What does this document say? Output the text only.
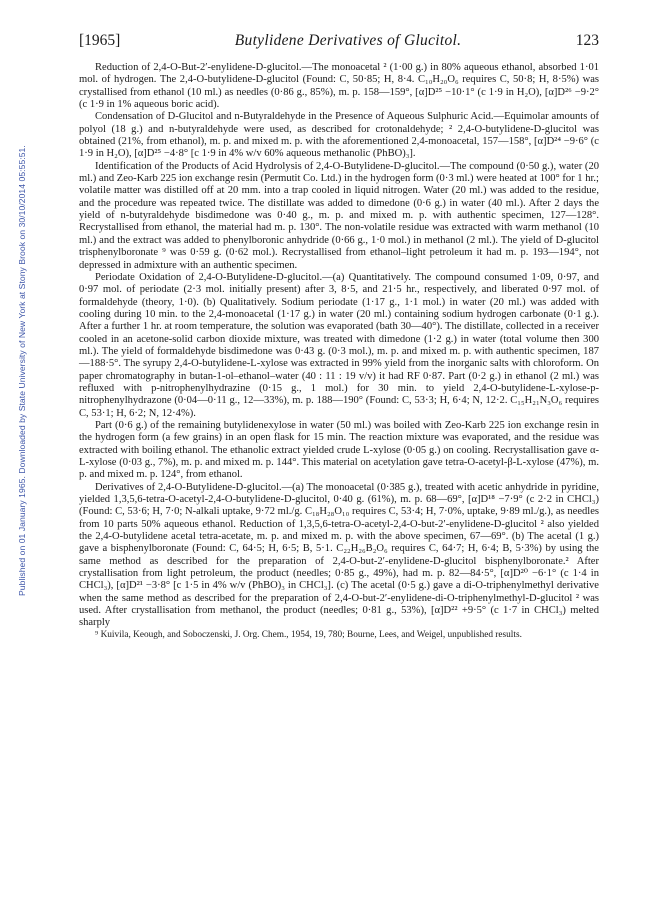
Published on 01 January 1965. Downloaded by State University of New York at Stony Brook on 30/10/2014 05:55:51.
[1965]	Butylidene Derivatives of Glucitol.	123

Reduction of 2,4-O-But-2′-enylidene-D-glucitol.—The monoacetal ² (1·00 g.) in 80% aqueous ethanol, absorbed 1·01 mol. of hydrogen. The 2,4-O-butylidene-D-glucitol (Found: C, 50·85; H, 8·4. C₁₀H₂₀O₆ requires C, 50·8; H, 8·5%) was crystallised from ethanol (10 ml.) as needles (0·86 g., 85%), m. p. 158—159°, [α]D²⁵ −10·1° (c 1·9 in H₂O), [α]D²⁶ −9·2° (c 1·9 in 1% aqueous boric acid).

Condensation of D-Glucitol and n-Butyraldehyde in the Presence of Aqueous Sulphuric Acid.—Equimolar amounts of polyol (18 g.) and n-butyraldehyde were used, as described for crotonaldehyde; ² 2,4-O-butylidene-D-glucitol was obtained (21%, from ethanol), m. p. and mixed m. p. with the aforementioned 2,4-monoacetal, 157—158°, [α]D²⁴ −9·6° (c 1·9 in H₂O), [α]D²⁵ −4·8° [c 1·9 in 4% w/v 60% aqueous methanolic (PhBO)₃].

Identification of the Products of Acid Hydrolysis of 2,4-O-Butylidene-D-glucitol.—The compound (0·50 g.), water (20 ml.) and Zeo-Karb 225 ion exchange resin (Permutit Co. Ltd.) in the hydrogen form (0·3 ml.) were heated at 100° for 1 hr.; volatile matter was distilled off at 20 mm. into a trap cooled in liquid nitrogen. Water (20 ml.) was added to the residue, and the procedure was repeated twice. The distillate was added to dimedone (0·6 g.) in water (40 ml.). After 2 days the yield of n-butyraldehyde bisdimedone was 0·40 g., m. p. and mixed m. p. with authentic specimen, 127—128°. Recrystallised from ethanol, the material had m. p. 130°. The non-volatile residue was extracted with warm methanol (10 ml.) and the extract was added to phenylboronic anhydride (0·66 g., 1·0 mol.) in methanol (2 ml.). The yield of D-glucitol trisphenylboronate ⁹ was 0·59 g. (0·62 mol.). Recrystallised from ethanol–light petroleum it had m. p. 193—194°, not depressed in admixture with an authentic specimen.

Periodate Oxidation of 2,4-O-Butylidene-D-glucitol.—(a) Quantitatively. The compound consumed 1·09, 0·97, and 0·97 mol. of periodate (2·3 mol. initially present) after 3, 8·5, and 21·5 hr., respectively, and liberated 0·97 mol. of formaldehyde (theory, 1·0). (b) Qualitatively. Sodium periodate (1·17 g., 1·1 mol.) in water (20 ml.) was added with cooling during 10 min. to the 2,4-monoacetal (1·17 g.) in water (20 ml.) containing sodium hydrogen carbonate (0·1 g.). After a further 1 hr. at room temperature, the solution was evaporated (bath 30—40°). The distillate, collected in a receiver cooled in an acetone-solid carbon dioxide mixture, was treated with dimedone (1·2 g.) in water (total volume then 300 ml.). The yield of formaldehyde bisdimedone was 0·43 g. (0·3 mol.), m. p. and mixed m. p. with authentic specimen, 187—188·5°. The syrupy 2,4-O-butylidene-L-xylose was extracted in 99% yield from the inorganic salts with chloroform. On paper chromatography in butan-1-ol–ethanol–water (40 : 11 : 19 v/v) it had RF 0·87. Part (0·2 g.) in ethanol (2 ml.) was refluxed with p-nitrophenylhydrazine (0·15 g., 1 mol.) for 30 min. to yield 2,4-O-butylidene-L-xylose-p-nitrophenylhydrazone (0·04—0·11 g., 12—33%), m. p. 188—190° (Found: C, 53·3; H, 6·4; N, 12·2. C₁₅H₂₁N₃O₆ requires C, 53·1; H, 6·2; N, 12·4%).

Part (0·6 g.) of the remaining butylidenexylose in water (50 ml.) was boiled with Zeo-Karb 225 ion exchange resin in the hydrogen form (a few grains) in an open flask for 15 min. The reaction mixture was evaporated, and the residue was extracted with boiling ethanol. The ethanolic extract yielded crude L-xylose (0·05 g.) on cooling. Recrystallisation gave α-L-xylose (0·03 g., 7%), m. p. and mixed m. p. 144°. This material on acetylation gave tetra-O-acetyl-β-L-xylose (47%), m. p. and mixed m. p. 124°, from ethanol.

Derivatives of 2,4-O-Butylidene-D-glucitol.—(a) The monoacetal (0·385 g.), treated with acetic anhydride in pyridine, yielded 1,3,5,6-tetra-O-acetyl-2,4-O-butylidene-D-glucitol, 0·40 g. (61%), m. p. 68—69°, [α]D¹⁸ −7·9° (c 2·2 in CHCl₃) (Found: C, 53·6; H, 7·0; N-alkali uptake, 9·72 ml./g. C₁₈H₂₈O₁₀ requires C, 53·4; H, 7·0%, uptake, 9·89 ml./g.), as needles from 10 parts 50% aqueous ethanol. Reduction of 1,3,5,6-tetra-O-acetyl-2,4-O-but-2′-enylidene-D-glucitol ² also yielded the 2,4-O-butylidene acetal tetra-acetate, m. p. and mixed m. p. with the above specimen, 67—69°. (b) The acetal (1 g.) gave a bisphenylboronate (Found: C, 64·5; H, 6·5; B, 5·1. C₂₂H₂₆B₂O₆ requires C, 64·7; H, 6·4; B, 5·3%) by using the same method as described for the preparation of 2,4-O-but-2′-enylidene-D-glucitol bisphenylboronate.² After crystallisation from light petroleum, the product (needles; 0·85 g., 49%), had m. p. 82—84·5°, [α]D²⁰ −6·1° (c 1·4 in CHCl₃), [α]D²¹ −3·8° [c 1·5 in 4% w/v (PhBO)₃ in CHCl₃]. (c) The acetal (0·5 g.) gave a di-O-triphenylmethyl derivative when the same method as described for the preparation of 2,4-O-but-2′-enylidene-di-O-triphenylmethyl-D-glucitol ² was used. After crystallisation from methanol, the product (needles; 0·81 g., 53%), [α]D²² +9·5° (c 1·7 in CHCl₃) melted sharply

⁹ Kuivila, Keough, and Soboczenski, J. Org. Chem., 1954, 19, 780; Bourne, Lees, and Weigel, unpublished results.
